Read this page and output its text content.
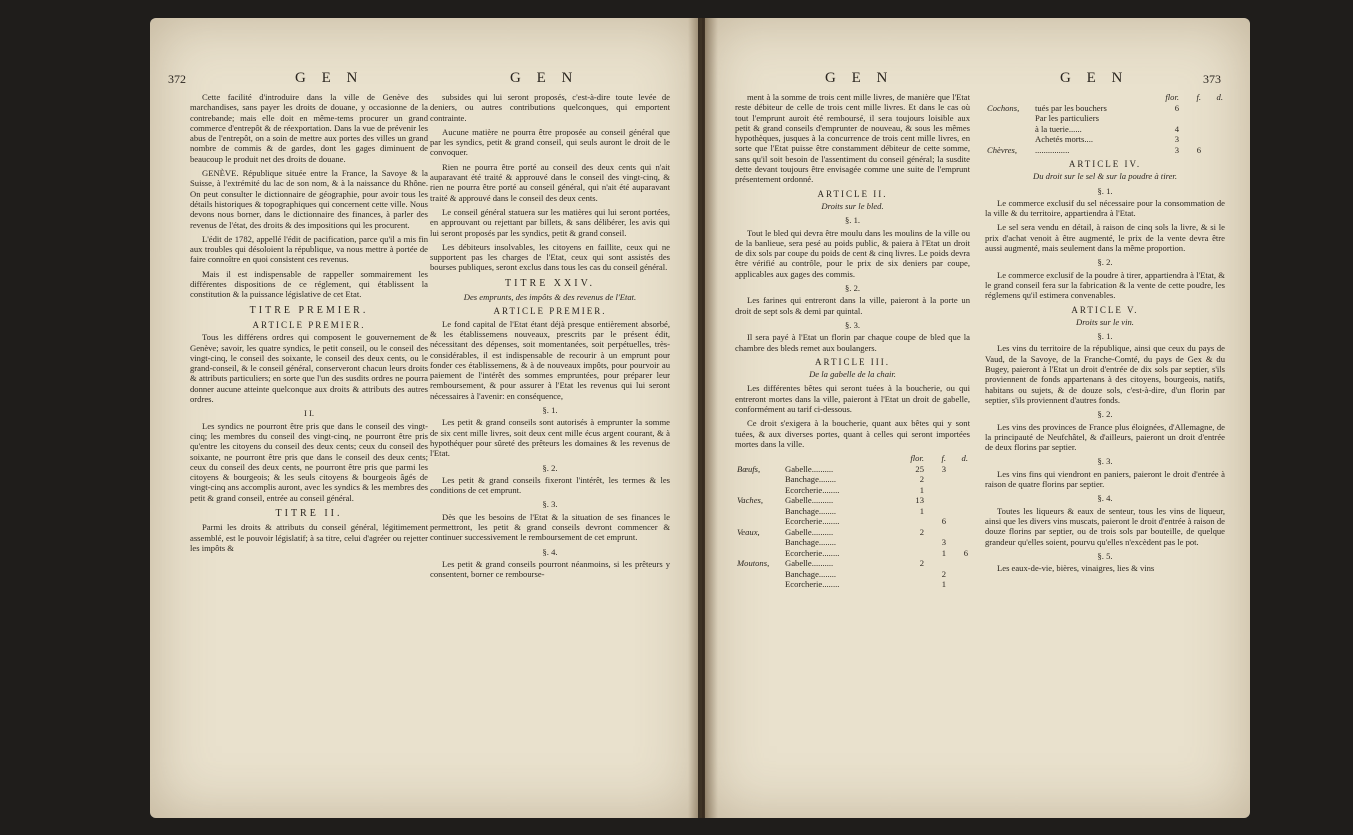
372	G E N	G E N	G E N	G E N	373

Cette facilité d'introduire dans la ville de Genève des marchandises, sans payer les droits de douane, y occasionne de la contrebande; mais elle doit en même-tems procurer un grand commerce d'entrepôt & de réexportation. Dans la vue de prévenir les abus de l'entrepôt, on a soin de mettre aux portes des villes un grand nombre de commis & de gardes, dont les gages diminuent de beaucoup le produit net des droits de douane.

GENÈVE. République située entre la France, la Savoye & la Suisse, à l'extrémité du lac de son nom, & à la naissance du Rhône. On peut consulter le dictionnaire de géographie, pour avoir tous les détails historiques & topographiques qui concernent cette ville. Nous devons nous borner, dans le dictionnaire des finances, à parler des revenus de l'état, des droits & des impositions qui les procurent.

L'édit de 1782, appellé l'édit de pacification, parce qu'il a mis fin aux troubles qui désoloient la république, va nous mettre à portée de faire connoître en quoi consistent ces revenus.

Mais il est indispensable de rappeller sommairement les différentes dispositions de ce réglement, qui établissent la constitution & la puissance législative de cet Etat.

TITRE PREMIER.

ARTICLE PREMIER.

Tous les différens ordres qui composent le gouvernement de Genève; savoir, les quatre syndics, le petit conseil, ou le conseil des vingt-cinq, le conseil des soixante, le conseil des deux cents, ou le grand-conseil, & le conseil général, conserveront chacun leurs droits & attributs particuliers; en sorte que l'un des susdits ordres ne pourra donner aucune atteinte quelconque aux droits & attributs des autres ordres.

I I.

Les syndics ne pourront être pris que dans le conseil des vingt-cinq; les membres du conseil des vingt-cinq, ne pourront être pris qu'entre les citoyens du conseil des deux cents; ceux du conseil des soixante, ne pourront être pris que dans le conseil des deux cents; ceux du conseil des deux cents, ne pourront être pris que parmi les citoyens & bourgeois; & les seuls citoyens & bourgeois âgés de vingt-cinq ans accomplis auront, avec les syndics & les membres des petit & grand conseil, entrée au conseil général.

TITRE II.

Parmi les droits & attributs du conseil général, légitimement assemblé, est le pouvoir législatif; à sa titre, celui d'agréer ou rejetter les impôts &

subsides qui lui seront proposés, c'est-à-dire toute levée de deniers, ou autres contributions quelconques, qui emportent contrainte.

Aucune matière ne pourra être proposée au conseil général que par les syndics, petit & grand conseil, qui seuls auront le droit de le convoquer.

Rien ne pourra être porté au conseil des deux cents qui n'ait auparavant été traité & approuvé dans le conseil des vingt-cinq, & rien ne pourra être porté au conseil général, qui n'ait été auparavant traité & approuvé dans le conseil des deux cents.

Le conseil général statuera sur les matières qui lui seront portées, en approuvant ou rejettant par billets, & sans délibérer, les avis qui lui seront proposés par les syndics, petit & grand conseil.

Les débiteurs insolvables, les citoyens en faillite, ceux qui ne supportent pas les charges de l'Etat, ceux qui sont assistés des bourses publiques, seront exclus dans tous les cas du conseil général.

TITRE XXIV.

Des emprunts, des impôts & des revenus de l'Etat.

ARTICLE PREMIER.

Le fond capital de l'Etat étant déjà presque entièrement absorbé, & les établissemens nouveaux, prescrits par le présent édit, nécessitant des dépenses, soit momentanées, soit perpétuelles, très-considérables, il est indispensable de recourir à un emprunt pour fonder ces établissemens, & à de nouveaux impôts, pour pourvoir au paiement de l'intérêt des sommes empruntées, pour préparer leur remboursement, & pour assurer à l'Etat les revenus qui lui seront nécessaires à l'avenir: en conséquence,

§. 1.

Les petit & grand conseils sont autorisés à emprunter la somme de six cent mille livres, soit deux cent mille écus argent courant, & à hypothéquer pour sûreté des prêteurs les domaines & les revenus de l'Etat.

§. 2.

Les petit & grand conseils fixeront l'intérêt, les termes & les conditions de cet emprunt.

§. 3.

Dès que les besoins de l'Etat & la situation de ses finances le permettront, les petit & grand conseils devront commencer & continuer successivement le remboursement de cet emprunt.

§. 4.

Les petit & grand conseils pourront néanmoins, si les prêteurs y consentent, borner ce rembourse-

ment à la somme de trois cent mille livres, de manière que l'Etat reste débiteur de celle de trois cent mille livres. Et dans le cas où tout l'emprunt auroit été remboursé, il sera toujours loisible aux petit & grand conseils d'emprunter de nouveau, & sous les mêmes hypothèques, jusques à la concurrence de trois cent mille livres, en sorte que l'Etat puisse être constamment débiteur de cette somme, sans qu'il soit besoin de l'assentiment du conseil général; la susdite dette devant toujours être envisagée comme une suite de l'emprunt présentement ordonné.

ARTICLE II.

Droits sur le bled.

§. 1.

Tout le bled qui devra être moulu dans les moulins de la ville ou de la banlieue, sera pesé au poids public, & paiera à l'Etat un droit de dix sols par coupe du poids de cent & cinq livres. Le poids devra être vérifié au contrôle, pour le prix de six deniers par coupe, applicables aux gages des commis.

§. 2.

Les farines qui entreront dans la ville, paieront à la porte un droit de sept sols & demi par quintal.

§. 3.

Il sera payé à l'Etat un florin par chaque coupe de bled que la chambre des bleds remet aux boulangers.

ARTICLE III.

De la gabelle de la chair.

Les différentes bêtes qui seront tuées à la boucherie, ou qui entreront mortes dans la ville, paieront à l'Etat un droit de gabelle, conformément au tarif ci-dessous.

Ce droit s'exigera à la boucherie, quant aux bêtes qui y sont tuées, & aux diverses portes, quant à celles qui seront importées mortes dans la ville.

		flor.	f.	d.
Bœufs,	Gabelle..........	25	3	
	Banchage........	2		
	Ecorcherie........	1		
Vaches,	Gabelle..........	13		
	Banchage........	1		
	Ecorcherie........		6	
Veaux,	Gabelle..........	2		
	Banchage........		3	
	Ecorcherie........		1	6
Moutons,	Gabelle..........	2		
	Banchage........		2	
	Ecorcherie........		1	
		flor.	f.	d.
Cochons,	tués par les bouchers	6		
	Par les particuliers			
	à la tuerie......	4		
	Achetés morts....	3		
Chèvres,	................	3	6	

ARTICLE IV.

Du droit sur le sel & sur la poudre à tirer.

§. 1.

Le commerce exclusif du sel nécessaire pour la consommation de la ville & du territoire, appartiendra à l'Etat.

Le sel sera vendu en détail, à raison de cinq sols la livre, & si le prix d'achat venoit à être augmenté, le prix de la vente devra être aussi augmenté, mais seulement dans la même proportion.

§. 2.

Le commerce exclusif de la poudre à tirer, appartiendra à l'Etat, & le grand conseil fera sur la fabrication & la vente de cette poudre, les réglemens qu'il estimera convenables.

ARTICLE V.

Droits sur le vin.

§. 1.

Les vins du territoire de la république, ainsi que ceux du pays de Vaud, de la Savoye, de la Franche-Comté, du pays de Gex & du Bugey, paieront à l'Etat un droit d'entrée de dix sols par septier, s'ils proviennent de fonds appartenans à des citoyens, bourgeois, natifs, habitans ou sujets, & de douze sols, c'est-à-dire, d'un florin par septier, s'ils proviennent d'autres fonds.

§. 2.

Les vins des provinces de France plus éloignées, d'Allemagne, de la principauté de Neufchâtel, & d'ailleurs, paieront un droit d'entrée de deux florins par septier.

§. 3.

Les vins fins qui viendront en paniers, paieront le droit d'entrée à raison de quatre florins par septier.

§. 4.

Toutes les liqueurs & eaux de senteur, tous les vins de liqueur, ainsi que les divers vins muscats, paieront le droit d'entrée à raison de douze florins par septier, ou de trois sols par bouteille, de quelque grandeur qu'elles soient, pourvu qu'elles n'excèdent pas le pot.

§. 5.

Les eaux-de-vie, bières, vinaigres, lies & vins
